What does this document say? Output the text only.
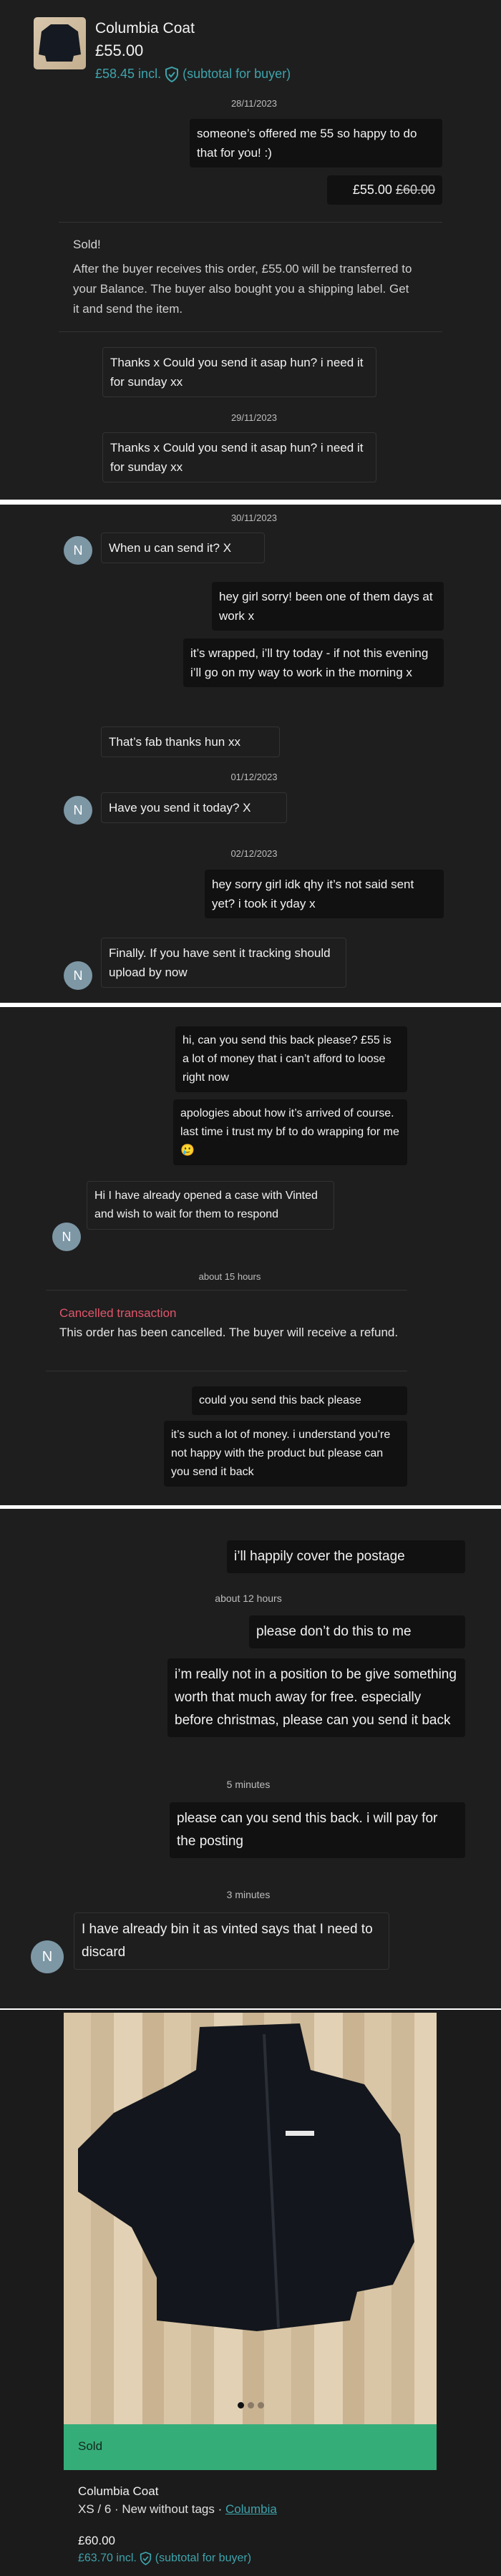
Columbia Coat
£55.00
£58.45 incl. (subtotal for buyer)
28/11/2023
someone’s offered me 55 so happy to do that for you! :)
£55.00 £60.00
Sold!
After the buyer receives this order, £55.00 will be transferred to your Balance. The buyer also bought you a shipping label. Get it and send the item.
Thanks x Could you send it asap hun? i need it for sunday xx
29/11/2023
Thanks x Could you send it asap hun? i need it for sunday xx
30/11/2023
N	When u can send it? X
hey girl sorry! been one of them days at work x
it’s wrapped, i’ll try today - if not this evening i’ll go on my way to work in the morning x
That’s fab thanks hun xx
01/12/2023
N	Have you send it today? X
02/12/2023
hey sorry girl idk qhy it’s not said sent yet? i took it yday x
N
Finally. If you have sent it tracking should upload by now
hi, can you send this back please? £55 is a lot of money that i can’t afford to loose right now
apologies about how it’s arrived of course. last time i trust my bf to do wrapping for me🥲
N
Hi I have already opened a case with Vinted and wish to wait for them to respond
about 15 hours
Cancelled transaction
This order has been cancelled. The buyer will receive a refund.
could you send this back please
it’s such a lot of money. i understand you’re not happy with the product but please can you send it back
i’ll happily cover the postage
about 12 hours
please don’t do this to me
i’m really not in a position to be give something worth that much away for free. especially before christmas, please can you send it back
5 minutes
please can you send this back. i will pay for the posting
3 minutes
N
I have already bin it as vinted says that I need to discard
Sold
Columbia Coat
XS / 6 · New without tags · Columbia
£60.00
£63.70 incl. (subtotal for buyer)
